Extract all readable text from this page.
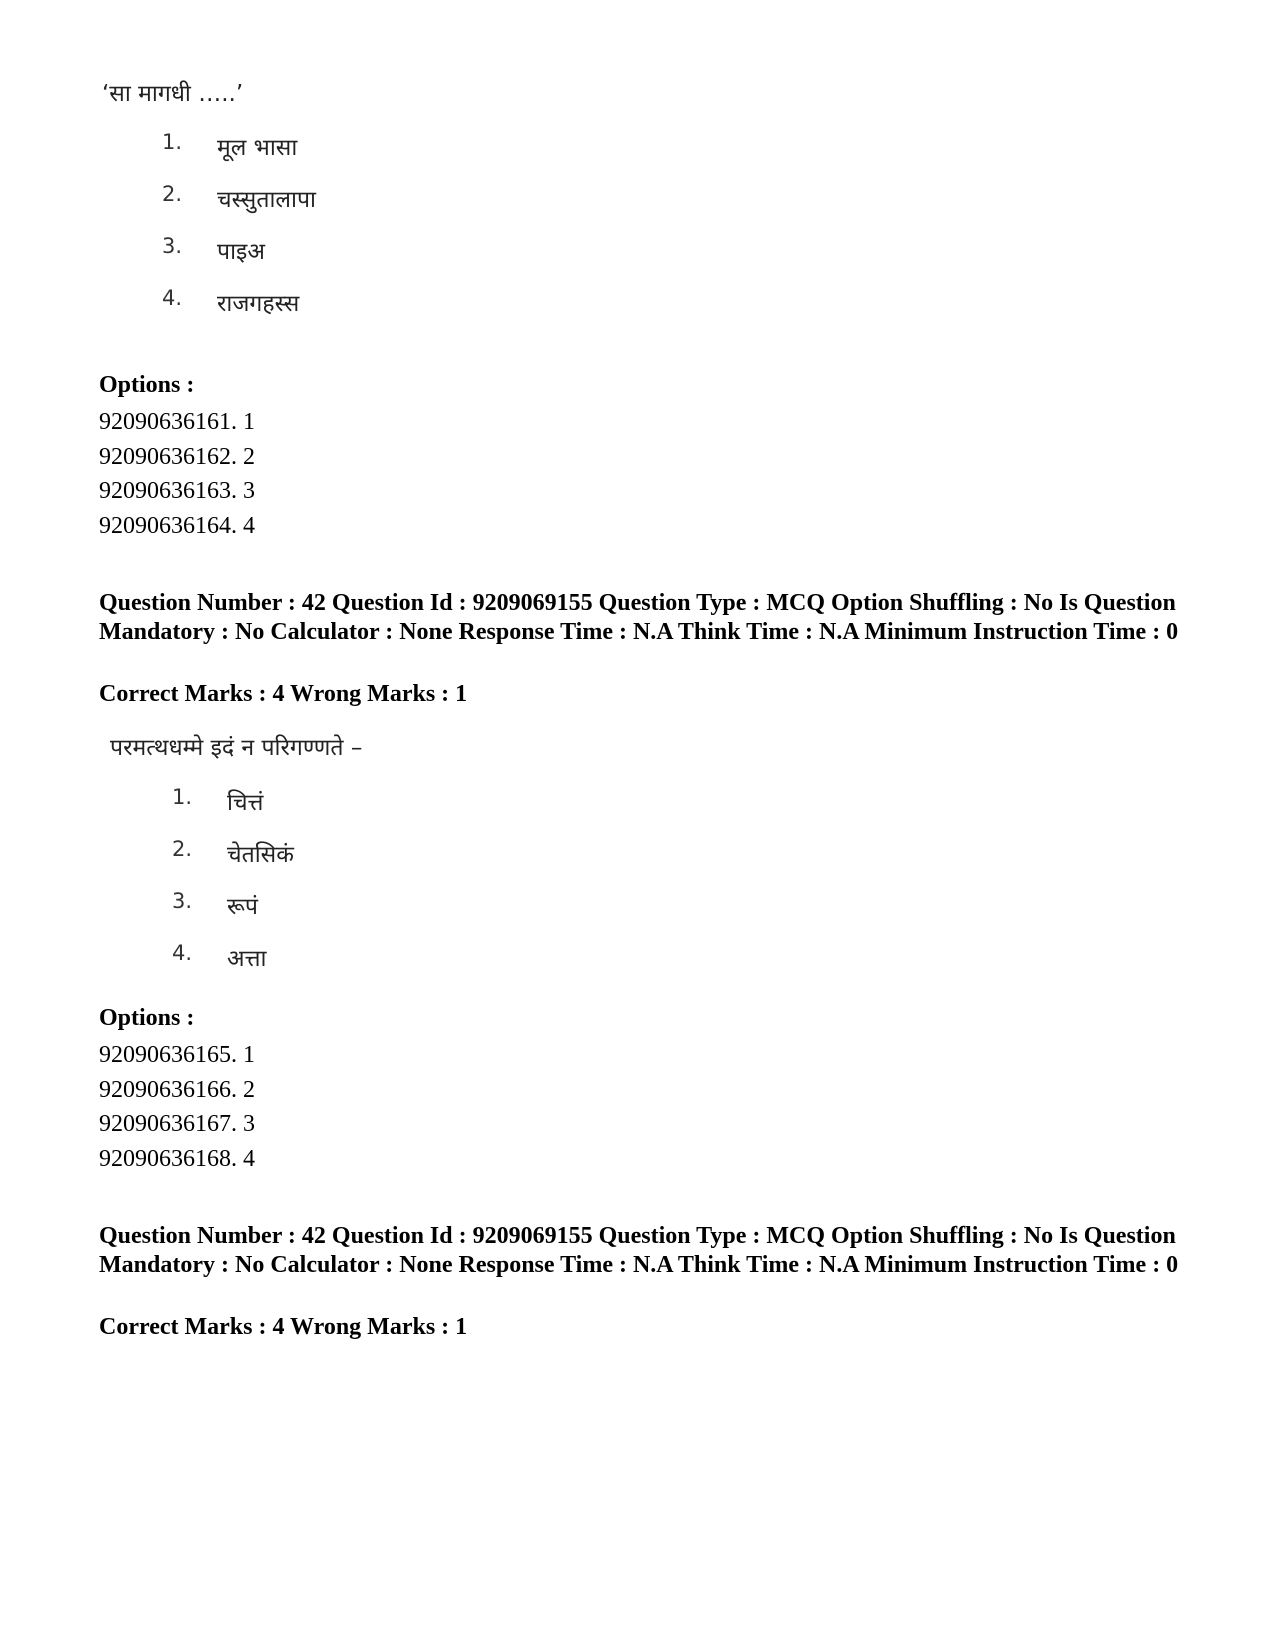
‘सा मागधी …..’
1. मूल भासा
2. चस्सुतालापा
3. पाइअ
4. राजगहस्स
Options :
92090636161. 1
92090636162. 2
92090636163. 3
92090636164. 4
Question Number : 42 Question Id : 9209069155 Question Type : MCQ Option Shuffling : No Is Question Mandatory : No Calculator : None Response Time : N.A Think Time : N.A Minimum Instruction Time : 0
Correct Marks : 4 Wrong Marks : 1
परमत्थधम्मे इदं न परिगण्णते –
1. चित्तं
2. चेतसिकं
3. रूपं
4. अत्ता
Options :
92090636165. 1
92090636166. 2
92090636167. 3
92090636168. 4
Question Number : 42 Question Id : 9209069155 Question Type : MCQ Option Shuffling : No Is Question Mandatory : No Calculator : None Response Time : N.A Think Time : N.A Minimum Instruction Time : 0
Correct Marks : 4 Wrong Marks : 1
